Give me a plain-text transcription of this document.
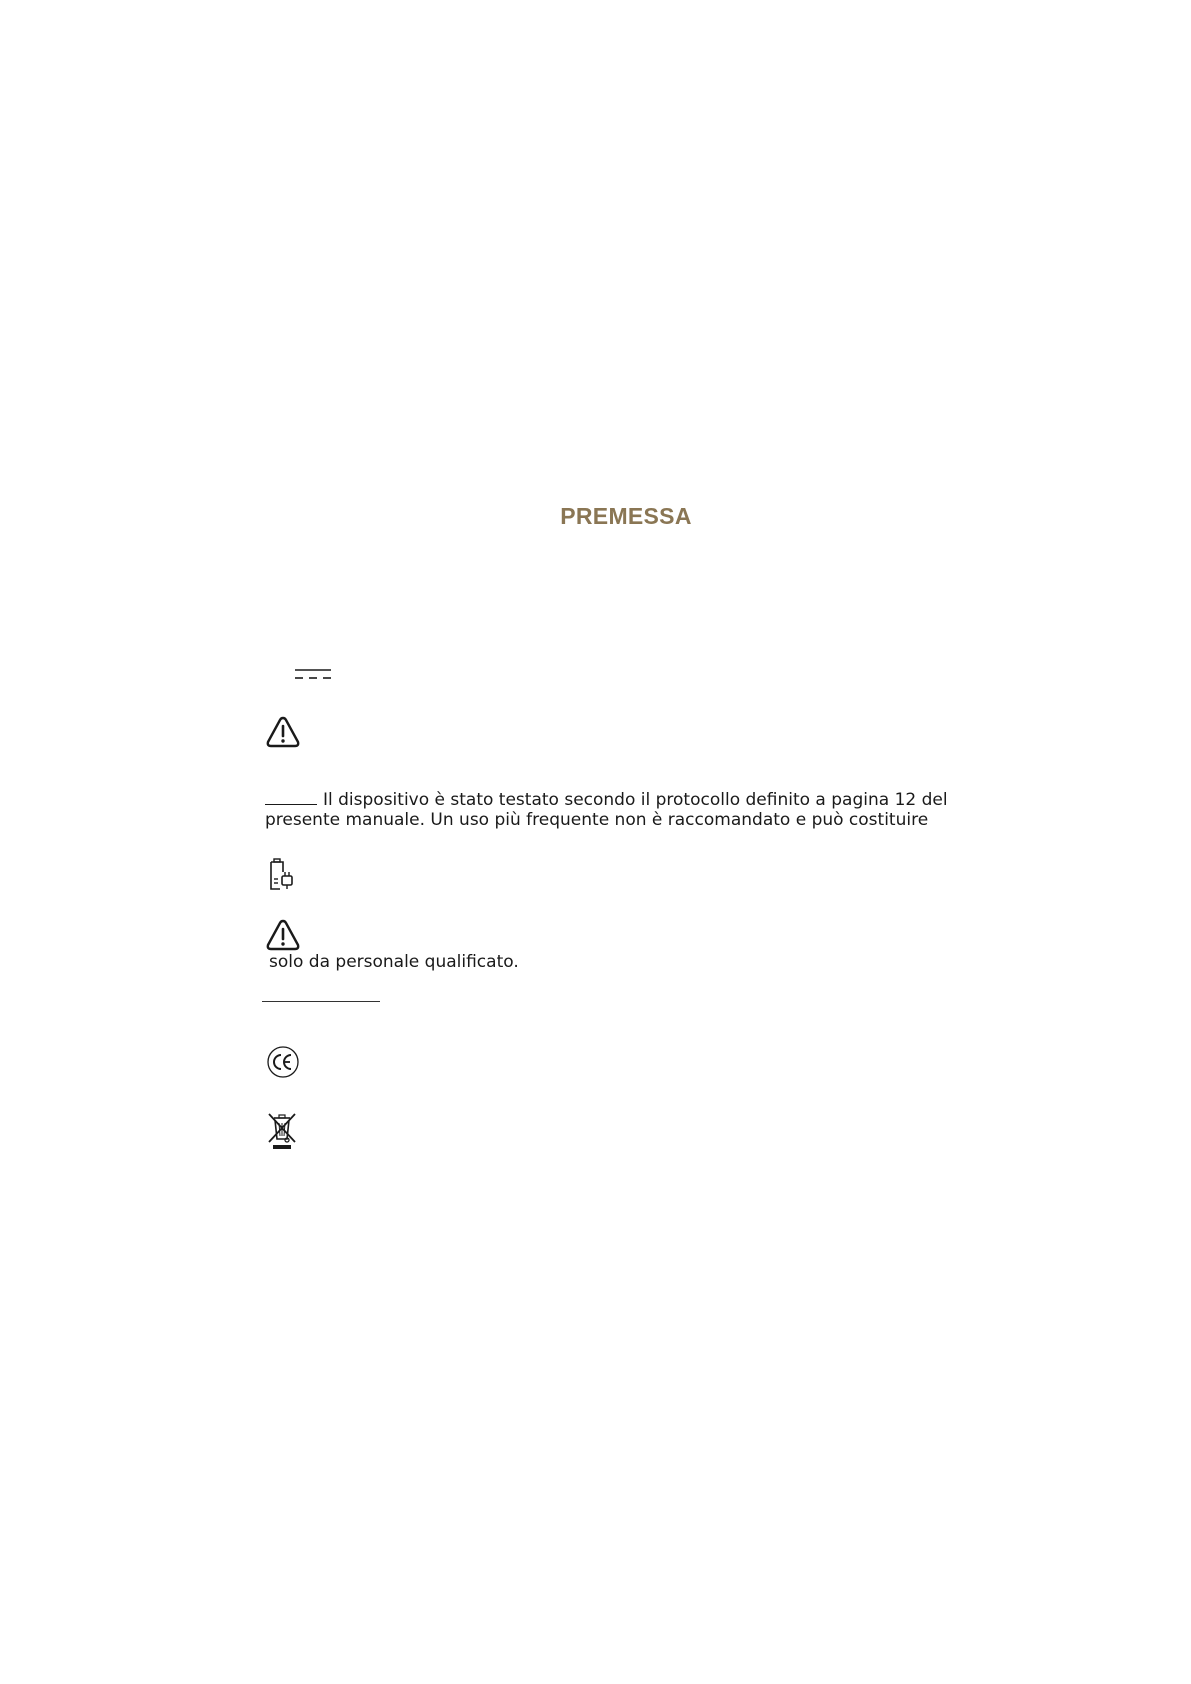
PREMESSA
Il dispositivo è stato testato secondo il protocollo definito a pagina 12 del
presente manuale. Un uso più frequente non è raccomandato e può costituire
solo da personale qualificato.
